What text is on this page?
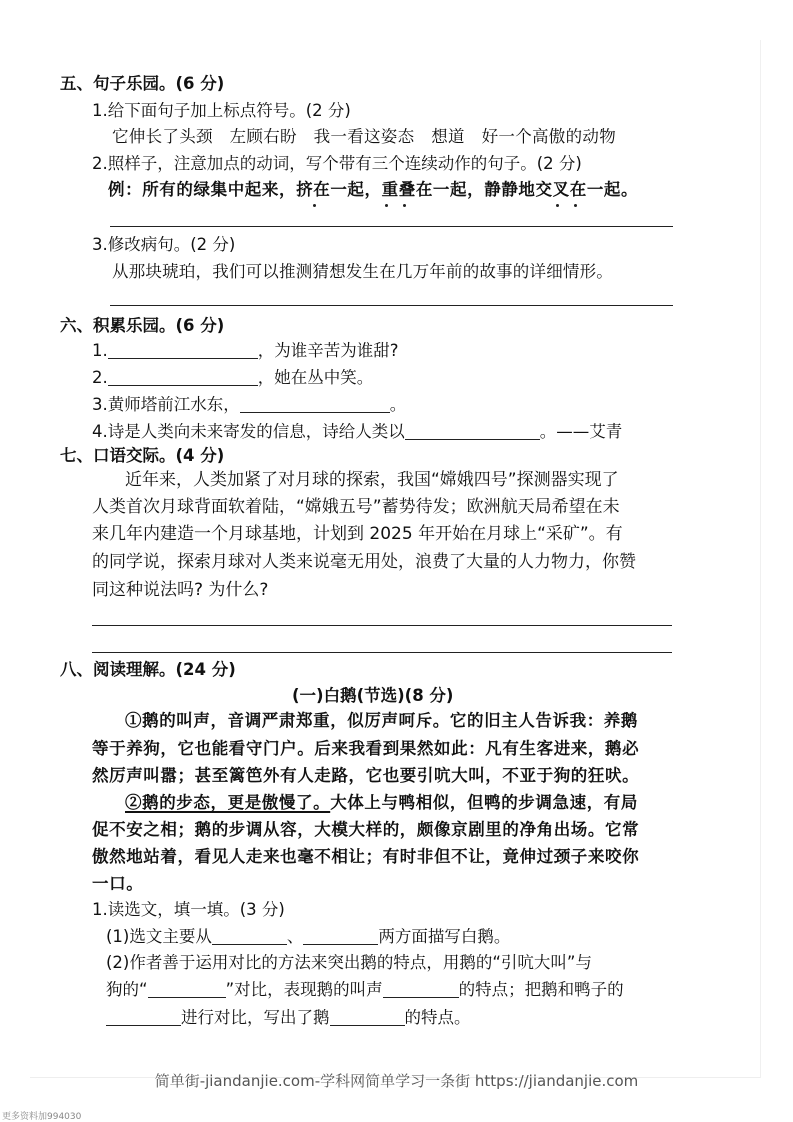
五、句子乐园。(6 分)
1.给下面句子加上标点符号。(2 分)
它伸长了头颈　左顾右盼　我一看这姿态　想道　好一个高傲的动物
2.照样子，注意加点的动词，写个带有三个连续动作的句子。(2 分)
例：所有的绿集中起来，挤在一起，重叠在一起，静静地交叉在一起。
3.修改病句。(2 分)
从那块琥珀，我们可以推测猜想发生在几万年前的故事的详细情形。
六、积累乐园。(6 分)
1.	，为谁辛苦为谁甜?
2.	，她在丛中笑。
3.黄师塔前江水东，	。
4.诗是人类向未来寄发的信息，诗给人类以	。——艾青
七、口语交际。(4 分)
近年来，人类加紧了对月球的探索，我国“嫦娥四号”探测器实现了
人类首次月球背面软着陆，“嫦娥五号”蓄势待发；欧洲航天局希望在未
来几年内建造一个月球基地，计划到 2025 年开始在月球上“采矿”。有
的同学说，探索月球对人类来说毫无用处，浪费了大量的人力物力，你赞
同这种说法吗? 为什么?
八、阅读理解。(24 分)
(一)白鹅(节选)(8 分)
①鹅的叫声，音调严肃郑重，似厉声呵斥。它的旧主人告诉我：养鹅
等于养狗，它也能看守门户。后来我看到果然如此：凡有生客进来，鹅必
然厉声叫嚣；甚至篱笆外有人走路，它也要引吭大叫，不亚于狗的狂吠。
②鹅的步态，更是傲慢了。大体上与鸭相似，但鸭的步调急速，有局
促不安之相；鹅的步调从容，大模大样的，颇像京剧里的净角出场。它常
傲然地站着，看见人走来也毫不相让；有时非但不让，竟伸过颈子来咬你
一口。
1.读选文，填一填。(3 分)
(1)选文主要从	、	两方面描写白鹅。
(2)作者善于运用对比的方法来突出鹅的特点，用鹅的“引吭大叫”与
狗的“	”对比，表现鹅的叫声	的特点；把鹅和鸭子的
进行对比，写出了鹅	的特点。
简单街-jiandanjie.com-学科网简单学习一条街 https://jiandanjie.com
更多资料加994030
